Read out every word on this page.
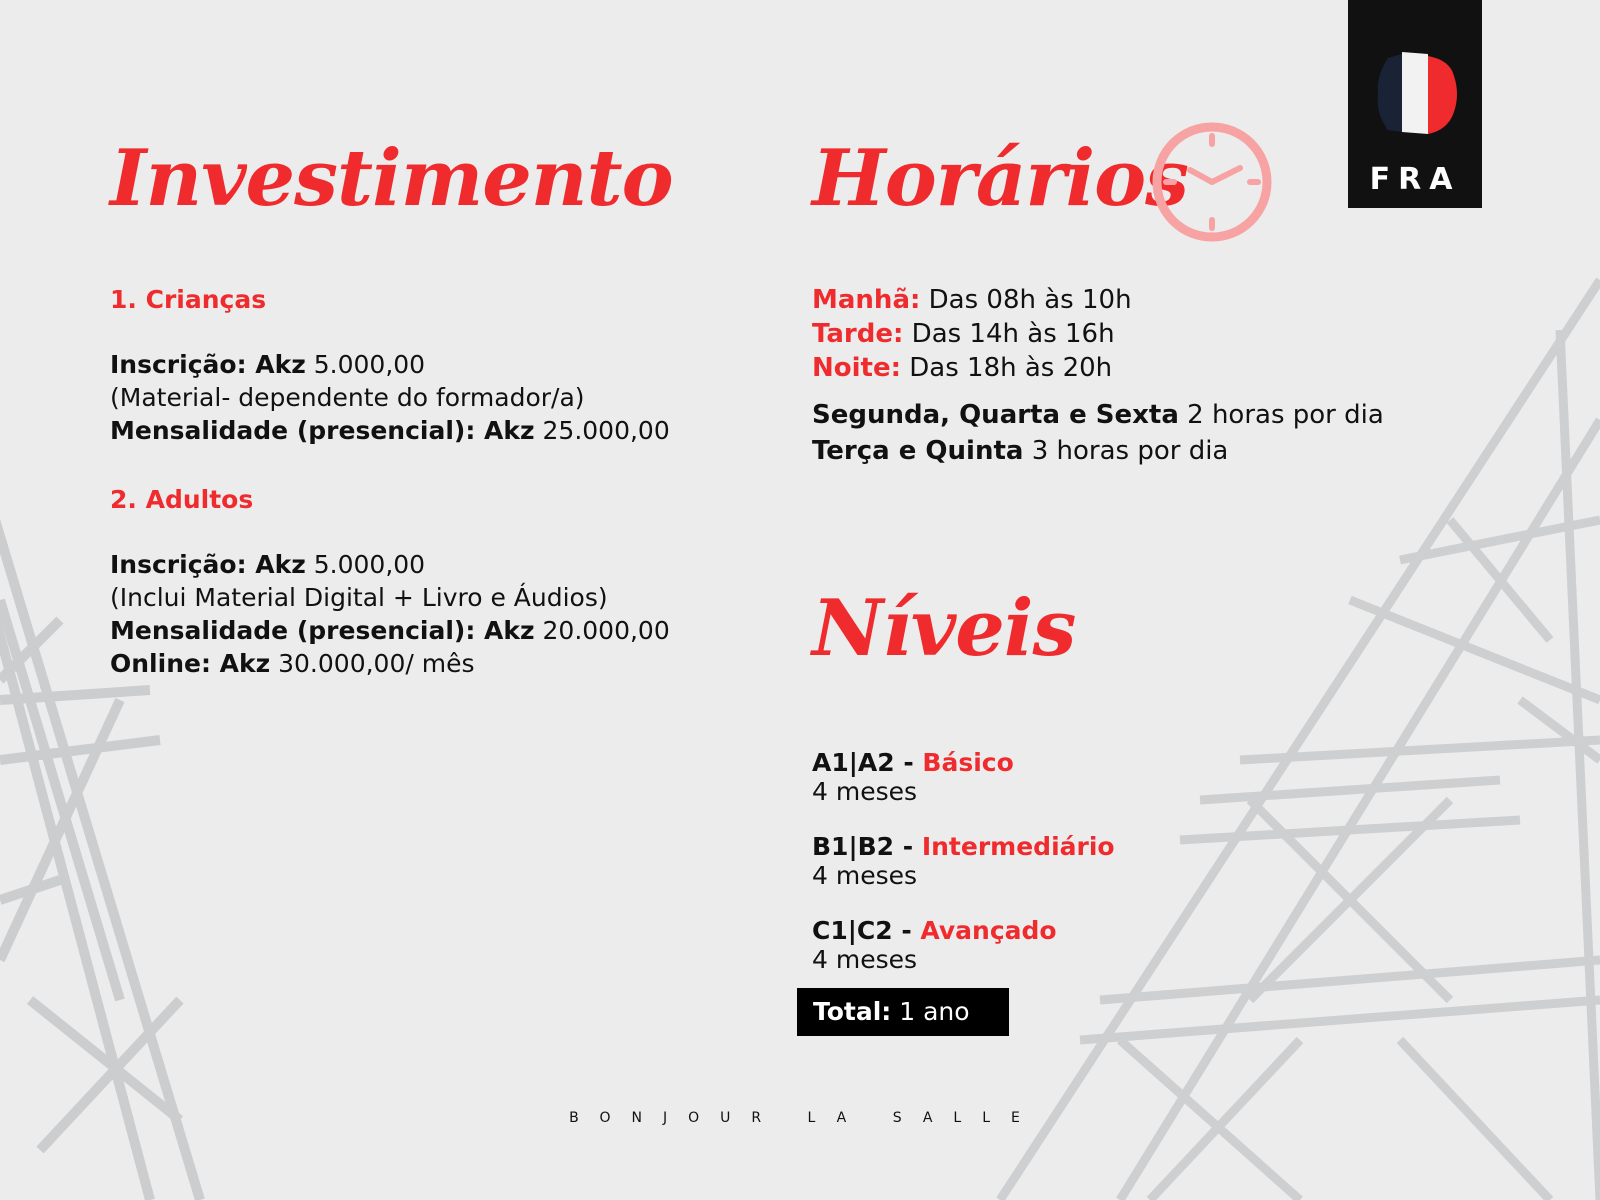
FRA
Investimento

1. Crianças

Inscrição: Akz 5.000,00

(Material- dependente do formador/a)

Mensalidade (presencial): Akz 25.000,00

2. Adultos

Inscrição: Akz 5.000,00

(Inclui Material Digital + Livro e Áudios)

Mensalidade (presencial): Akz 20.000,00

Online: Akz 30.000,00/ mês

Horários

Manhã: Das 08h às 10h

Tarde: Das 14h às 16h

Noite: Das 18h às 20h

Segunda, Quarta e Sexta 2 horas por dia

Terça e Quinta 3 horas por dia

Níveis

A1|A2 - Básico

4 meses

B1|B2 - Intermediário

4 meses

C1|C2 - Avançado

4 meses

Total: 1 ano
BONJOUR LA SALLE
